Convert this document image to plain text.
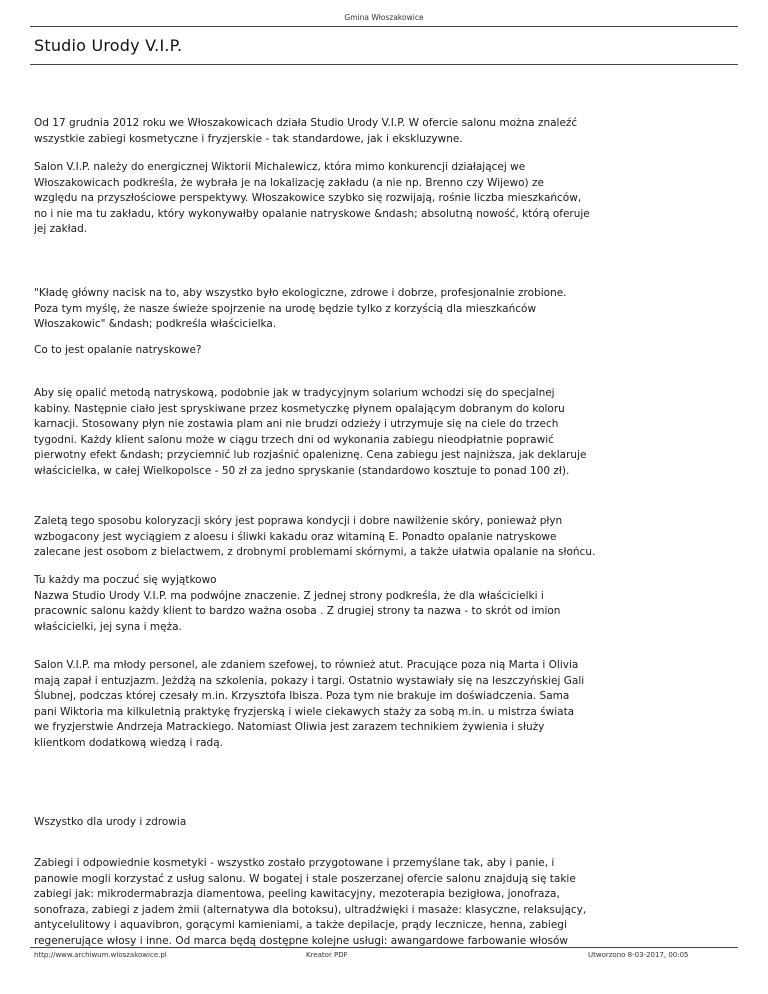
Gmina Włoszakowice
Studio Urody V.I.P.

Od 17 grudnia 2012 roku we Włoszakowicach działa Studio Urody V.I.P. W ofercie salonu można znaleźć
wszystkie zabiegi kosmetyczne i fryzjerskie - tak standardowe, jak i ekskluzywne.

Salon V.I.P. należy do energicznej Wiktorii Michalewicz, która mimo konkurencji działającej we
Włoszakowicach podkreśla, że wybrała je na lokalizację zakładu (a nie np. Brenno czy Wijewo) ze
względu na przyszłościowe perspektywy. Włoszakowice szybko się rozwijają, rośnie liczba mieszkańców,
no i nie ma tu zakładu, który wykonywałby opalanie natryskowe &ndash; absolutną nowość, którą oferuje
jej zakład.

"Kładę główny nacisk na to, aby wszystko było ekologiczne, zdrowe i dobrze, profesjonalnie zrobione.
Poza tym myślę, że nasze świeże spojrzenie na urodę będzie tylko z korzyścią dla mieszkańców
Włoszakowic" &ndash; podkreśla właścicielka.

Co to jest opalanie natryskowe?

Aby się opalić metodą natryskową, podobnie jak w tradycyjnym solarium wchodzi się do specjalnej
kabiny. Następnie ciało jest spryskiwane przez kosmetyczkę płynem opalającym dobranym do koloru
karnacji. Stosowany płyn nie zostawia plam ani nie brudzi odzieży i utrzymuje się na ciele do trzech
tygodni. Każdy klient salonu może w ciągu trzech dni od wykonania zabiegu nieodpłatnie poprawić
pierwotny efekt &ndash; przyciemnić lub rozjaśnić opaleniznę. Cena zabiegu jest najniższa, jak deklaruje
właścicielka, w całej Wielkopolsce - 50 zł za jedno spryskanie (standardowo kosztuje to ponad 100 zł).

Zaletą tego sposobu koloryzacji skóry jest poprawa kondycji i dobre nawilżenie skóry, ponieważ płyn
wzbogacony jest wyciągiem z aloesu i śliwki kakadu oraz witaminą E. Ponadto opalanie natryskowe
zalecane jest osobom z bielactwem, z drobnymi problemami skórnymi, a także ułatwia opalanie na słońcu.

Tu każdy ma poczuć się wyjątkowo
Nazwa Studio Urody V.I.P. ma podwójne znaczenie. Z jednej strony podkreśla, że dla właścicielki i
pracownic salonu każdy klient to bardzo ważna osoba . Z drugiej strony ta nazwa - to skrót od imion
właścicielki, jej syna i męża.

Salon V.I.P. ma młody personel, ale zdaniem szefowej, to również atut. Pracujące poza nią Marta i Olivia
mają zapał i entuzjazm. Jeżdżą na szkolenia, pokazy i targi. Ostatnio wystawiały się na leszczyńskiej Gali
Ślubnej, podczas której czesały m.in. Krzysztofa Ibisza. Poza tym nie brakuje im doświadczenia. Sama
pani Wiktoria ma kilkuletnią praktykę fryzjerską i wiele ciekawych staży za sobą m.in. u mistrza świata
we fryzjerstwie Andrzeja Matrackiego. Natomiast Oliwia jest zarazem technikiem żywienia i służy
klientkom dodatkową wiedzą i radą.

Wszystko dla urody i zdrowia

Zabiegi i odpowiednie kosmetyki - wszystko zostało przygotowane i przemyślane tak, aby i panie, i
panowie mogli korzystać z usług salonu. W bogatej i stale poszerzanej ofercie salonu znajdują się takie
zabiegi jak: mikrodermabrazja diamentowa, peeling kawitacyjny, mezoterapia bezigłowa, jonofraza,
sonofraza, zabiegi z jadem żmii (alternatywa dla botoksu), ultradźwięki i masaże: klasyczne, relaksujący,
antycelulitowy i aquavibron, gorącymi kamieniami, a także depilacje, prądy lecznicze, henna, zabiegi
regenerujące włosy i inne. Od marca będą dostępne kolejne usługi: awangardowe farbowanie włosów

http://www.archiwum.wloszakowice.pl	Kreator PDF	Utworzono 8-03-2017, 00:05
